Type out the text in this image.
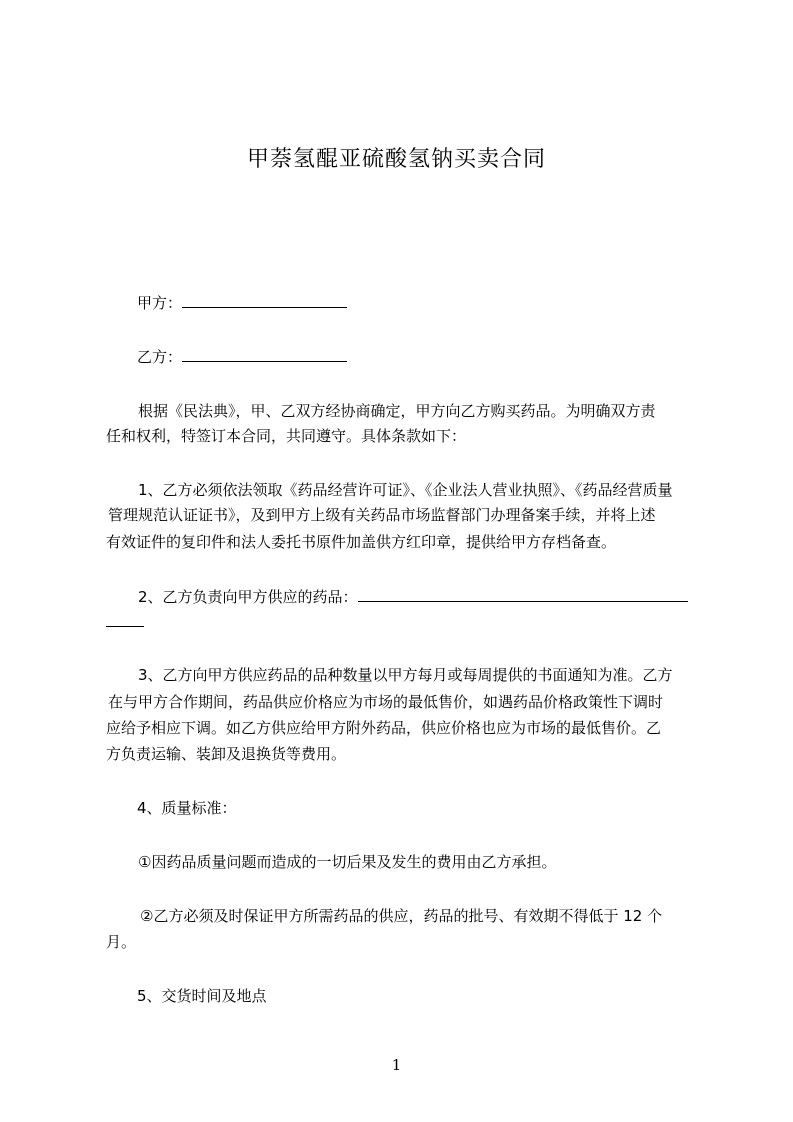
甲萘氢醌亚硫酸氢钠买卖合同
甲方：
乙方：
根据《民法典》，甲、乙双方经协商确定，甲方向乙方购买药品。为明确双方责
任和权利，特签订本合同，共同遵守。具体条款如下：
1、乙方必须依法领取《药品经营许可证》、《企业法人营业执照》、《药品经营质量
管理规范认证证书》，及到甲方上级有关药品市场监督部门办理备案手续，并将上述
有效证件的复印件和法人委托书原件加盖供方红印章，提供给甲方存档备查。
2、乙方负责向甲方供应的药品：
3、乙方向甲方供应药品的品种数量以甲方每月或每周提供的书面通知为准。乙方
在与甲方合作期间，药品供应价格应为市场的最低售价，如遇药品价格政策性下调时
应给予相应下调。如乙方供应给甲方附外药品，供应价格也应为市场的最低售价。乙
方负责运输、装卸及退换货等费用。
4、质量标准：
①因药品质量问题而造成的一切后果及发生的费用由乙方承担。
②乙方必须及时保证甲方所需药品的供应，药品的批号、有效期不得低于 12 个
月。
5、交货时间及地点
1
